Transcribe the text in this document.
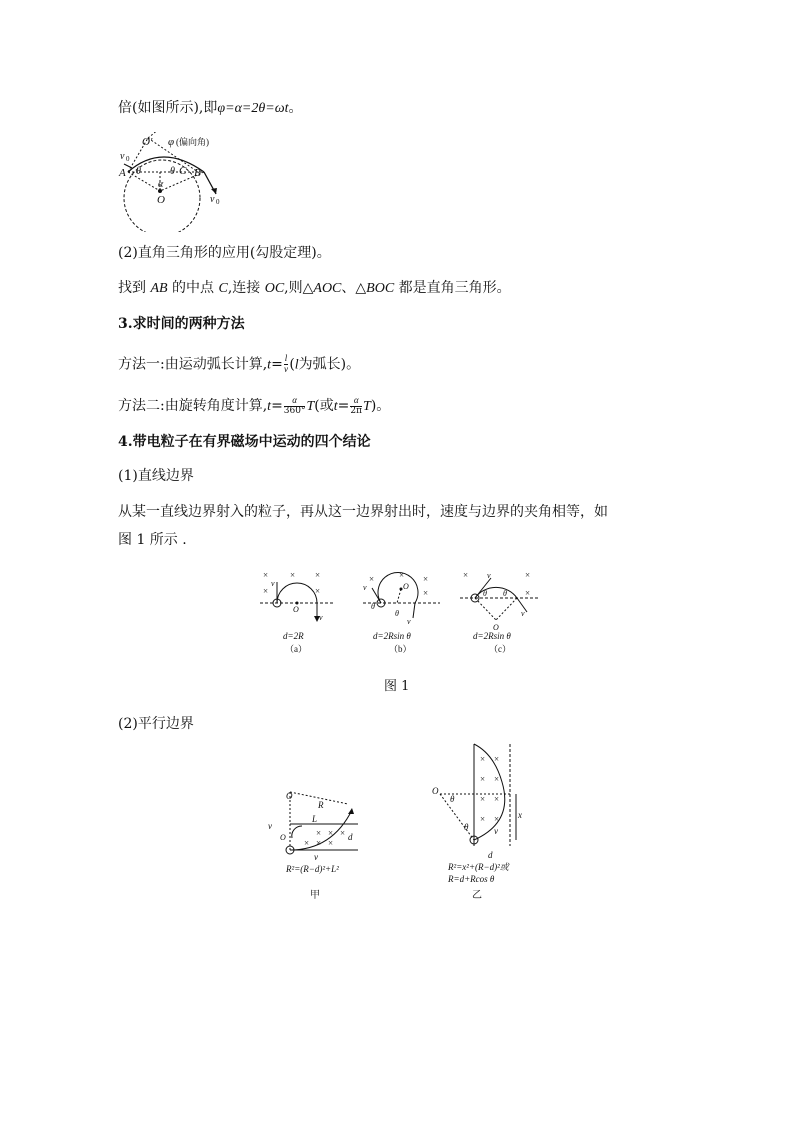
倍(如图所示),即φ=α=2θ=ωt。
O′ φ (偏向角)
v 0
A θ	θ C B
α
O	v 0
(2)直角三角形的应用(勾股定理)。
找到 AB 的中点 C,连接 OC,则△AOC、△BOC 都是直角三角形。
3.求时间的两种方法
方法一:由运动弧长计算$,t= \frac{l}{v} (l$为弧长)。
方法二:由旋转角度计算$,t= \frac{\alpha}{360^\circ} T$(或$t= \frac{\alpha}{2\pi} T$)。
4.带电粒子在有界磁场中运动的四个结论
(1)直线边界
从某一直线边界射入的粒子，再从这一边界射出时，速度与边界的夹角相等，如
图 1 所示 .
× × ×
×	×
v
v
O
d=2R
（a）
×	× ×
×
v
θ
O
θ
v
d=2Rsin θ
（b）
×	×
×
v
θ
v
θ
O
d=2Rsin θ
（c）
图 1
(2)平行边界
× × ×
× × ×
O
R
L
d
v
v
O
R²=(R−d)²+L²
甲
× ×
× ×
× ×
× ×
O
θ
θ
x
d
v
R²=x²+(R−d)²或
R=d+Rcos θ
乙
